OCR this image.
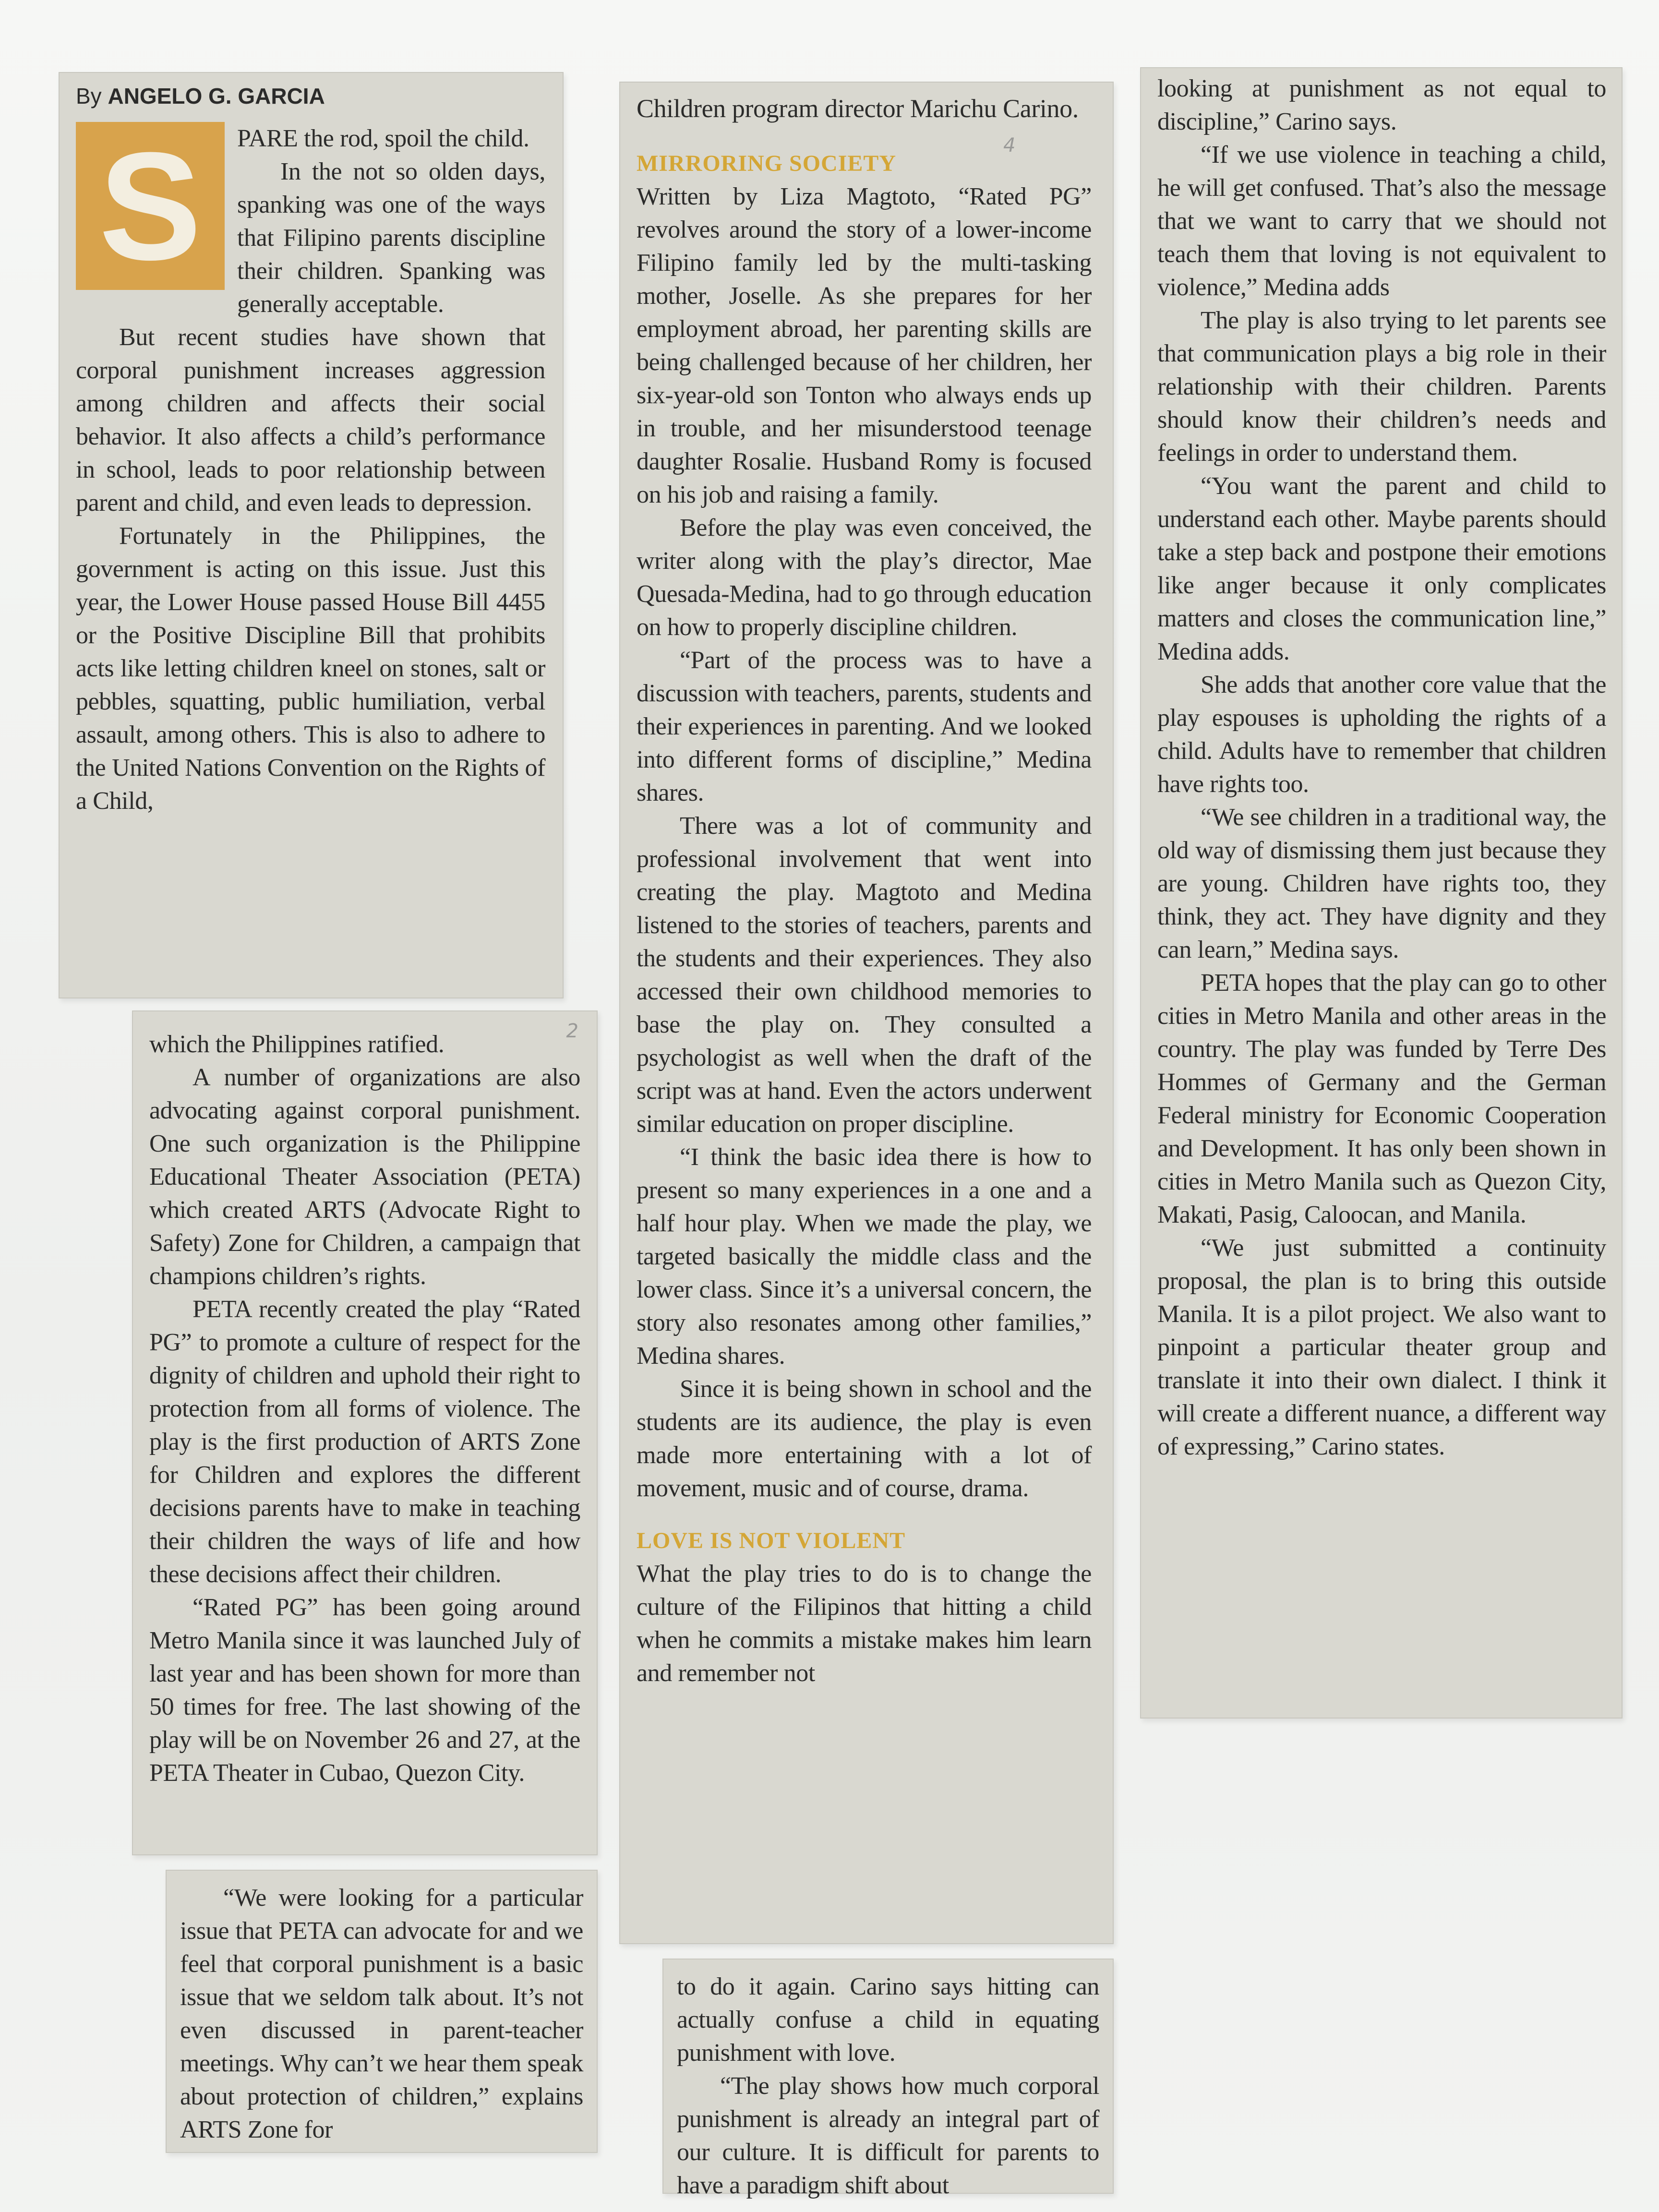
By ANGELO G. GARCIA
S	PARE the rod, spoil the child.

In the not so olden days, spanking was one of the ways that Filipino parents discipline their children. Spanking was generally acceptable.

But recent studies have shown that corporal punishment increases aggression among children and affects their social behavior. It also affects a child’s performance in school, leads to poor relationship between parent and child, and even leads to depression.

Fortunately in the Philippines, the government is acting on this issue. Just this year, the Lower House passed House Bill 4455 or the Positive Discipline Bill that prohibits acts like letting children kneel on stones, salt or pebbles, squatting, public humiliation, verbal assault, among others. This is also to adhere to the United Nations Convention on the Rights of a Child,

2

which the Philippines ratified.

A number of organizations are also advocating against corporal punishment. One such organization is the Philippine Educational Theater Association (PETA) which created ARTS (Advocate Right to Safety) Zone for Children, a campaign that champions children’s rights.

PETA recently created the play “Rated PG” to promote a culture of respect for the dignity of children and uphold their right to protection from all forms of violence. The play is the first production of ARTS Zone for Children and explores the different decisions parents have to make in teaching their children the ways of life and how these decisions affect their children.

“Rated PG” has been going around Metro Manila since it was launched July of last year and has been shown for more than 50 times for free. The last showing of the play will be on November 26 and 27, at the PETA Theater in Cubao, Quezon City.

“We were looking for a particular issue that PETA can advocate for and we feel that corporal punishment is a basic issue that we seldom talk about. It’s not even discussed in parent-teacher meetings. Why can’t we hear them speak about protection of children,” explains ARTS Zone for

4

Children program director Marichu Carino.

MIRRORING SOCIETY

Written by Liza Magtoto, “Rated PG” revolves around the story of a lower-income Filipino family led by the multi-tasking mother, Joselle. As she prepares for her employment abroad, her parenting skills are being challenged because of her children, her six-year-old son Tonton who always ends up in trouble, and her misunderstood teenage daughter Rosalie. Husband Romy is focused on his job and raising a family.

Before the play was even conceived, the writer along with the play’s director, Mae Quesada-Medina, had to go through education on how to properly discipline children.

“Part of the process was to have a discussion with teachers, parents, students and their experiences in parenting. And we looked into different forms of discipline,” Medina shares.

There was a lot of community and professional involvement that went into creating the play. Magtoto and Medina listened to the stories of teachers, parents and the students and their experiences. They also accessed their own childhood memories to base the play on. They consulted a psychologist as well when the draft of the script was at hand. Even the actors underwent similar education on proper discipline.

“I think the basic idea there is how to present so many experiences in a one and a half hour play. When we made the play, we targeted basically the middle class and the lower class. Since it’s a universal concern, the story also resonates among other families,” Medina shares.

Since it is being shown in school and the students are its audience, the play is even made more entertaining with a lot of movement, music and of course, drama.

LOVE IS NOT VIOLENT

What the play tries to do is to change the culture of the Filipinos that hitting a child when he commits a mistake makes him learn and remember not

to do it again. Carino says hitting can actually confuse a child in equating punishment with love.

“The play shows how much corporal punishment is already an integral part of our culture. It is difficult for parents to have a paradigm shift about

looking at punishment as not equal to discipline,” Carino says.

“If we use violence in teaching a child, he will get confused. That’s also the message that we want to carry that we should not teach them that loving is not equivalent to violence,” Medina adds

The play is also trying to let parents see that communication plays a big role in their relationship with their children. Parents should know their children’s needs and feelings in order to understand them.

“You want the parent and child to understand each other. Maybe parents should take a step back and postpone their emotions like anger because it only complicates matters and closes the communication line,” Medina adds.

She adds that another core value that the play espouses is upholding the rights of a child. Adults have to remember that children have rights too.

“We see children in a traditional way, the old way of dismissing them just because they are young. Children have rights too, they think, they act. They have dignity and they can learn,” Medina says.

PETA hopes that the play can go to other cities in Metro Manila and other areas in the country. The play was funded by Terre Des Hommes of Germany and the German Federal ministry for Economic Cooperation and Development. It has only been shown in cities in Metro Manila such as Quezon City, Makati, Pasig, Caloocan, and Manila.

“We just submitted a continuity proposal, the plan is to bring this outside Manila. It is a pilot project. We also want to pinpoint a particular theater group and translate it into their own dialect. I think it will create a different nuance, a different way of expressing,” Carino states.
